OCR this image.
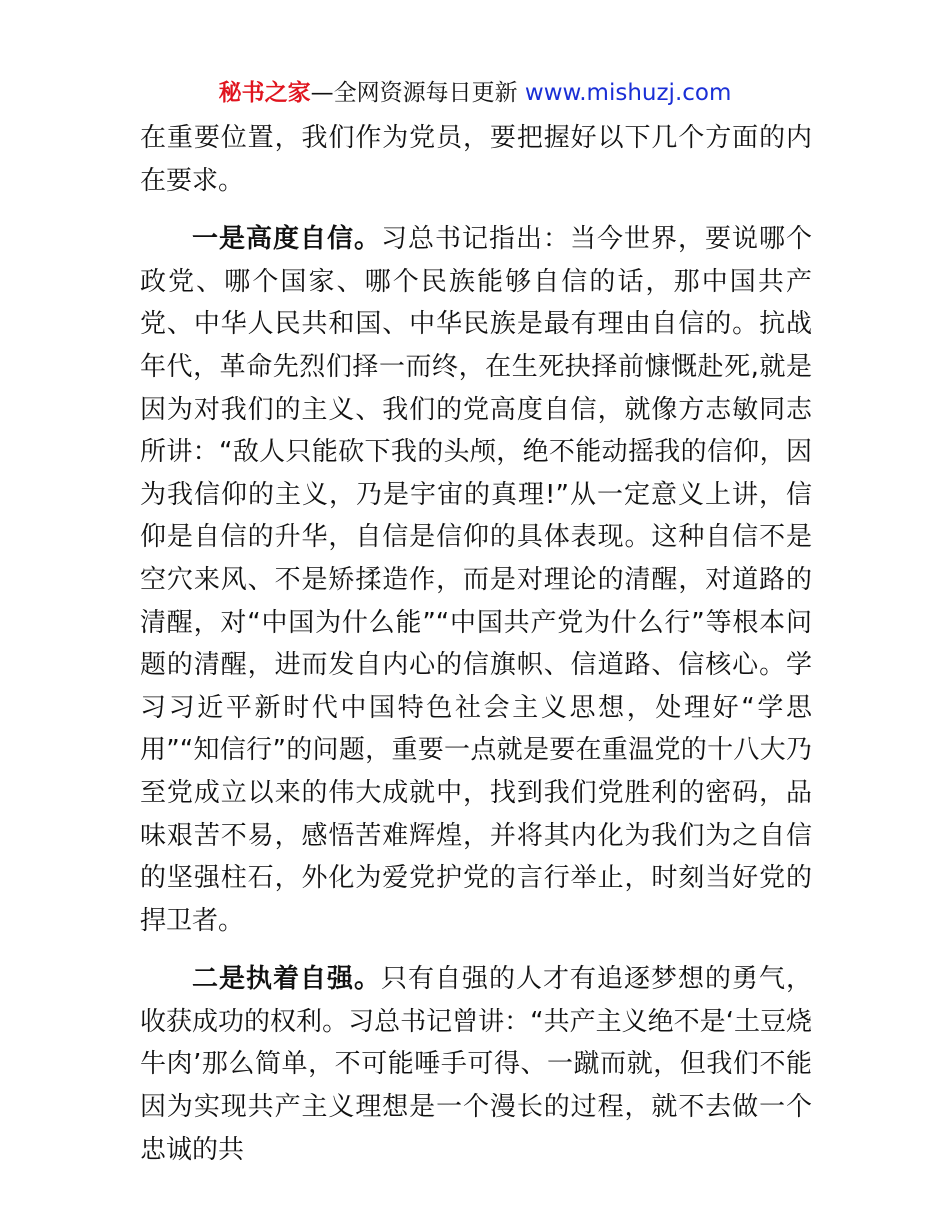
秘书之家—全网资源每日更新 www.mishuzj.com

在重要位置，我们作为党员，要把握好以下几个方面的内在要求。

一是高度自信。习总书记指出：当今世界，要说哪个政党、哪个国家、哪个民族能够自信的话，那中国共产党、中华人民共和国、中华民族是最有理由自信的。抗战年代，革命先烈们择一而终，在生死抉择前慷慨赴死,就是因为对我们的主义、我们的党高度自信，就像方志敏同志所讲：“敌人只能砍下我的头颅，绝不能动摇我的信仰，因为我信仰的主义，乃是宇宙的真理!”从一定意义上讲，信仰是自信的升华，自信是信仰的具体表现。这种自信不是空穴来风、不是矫揉造作，而是对理论的清醒，对道路的清醒，对“中国为什么能”“中国共产党为什么行”等根本问题的清醒，进而发自内心的信旗帜、信道路、信核心。学习习近平新时代中国特色社会主义思想，处理好“学思用”“知信行”的问题，重要一点就是要在重温党的十八大乃至党成立以来的伟大成就中，找到我们党胜利的密码，品味艰苦不易，感悟苦难辉煌，并将其内化为我们为之自信的坚强柱石，外化为爱党护党的言行举止，时刻当好党的捍卫者。

二是执着自强。只有自强的人才有追逐梦想的勇气，收获成功的权利。习总书记曾讲：“共产主义绝不是‘土豆烧牛肉’那么简单，不可能唾手可得、一蹴而就，但我们不能因为实现共产主义理想是一个漫长的过程，就不去做一个忠诚的共
